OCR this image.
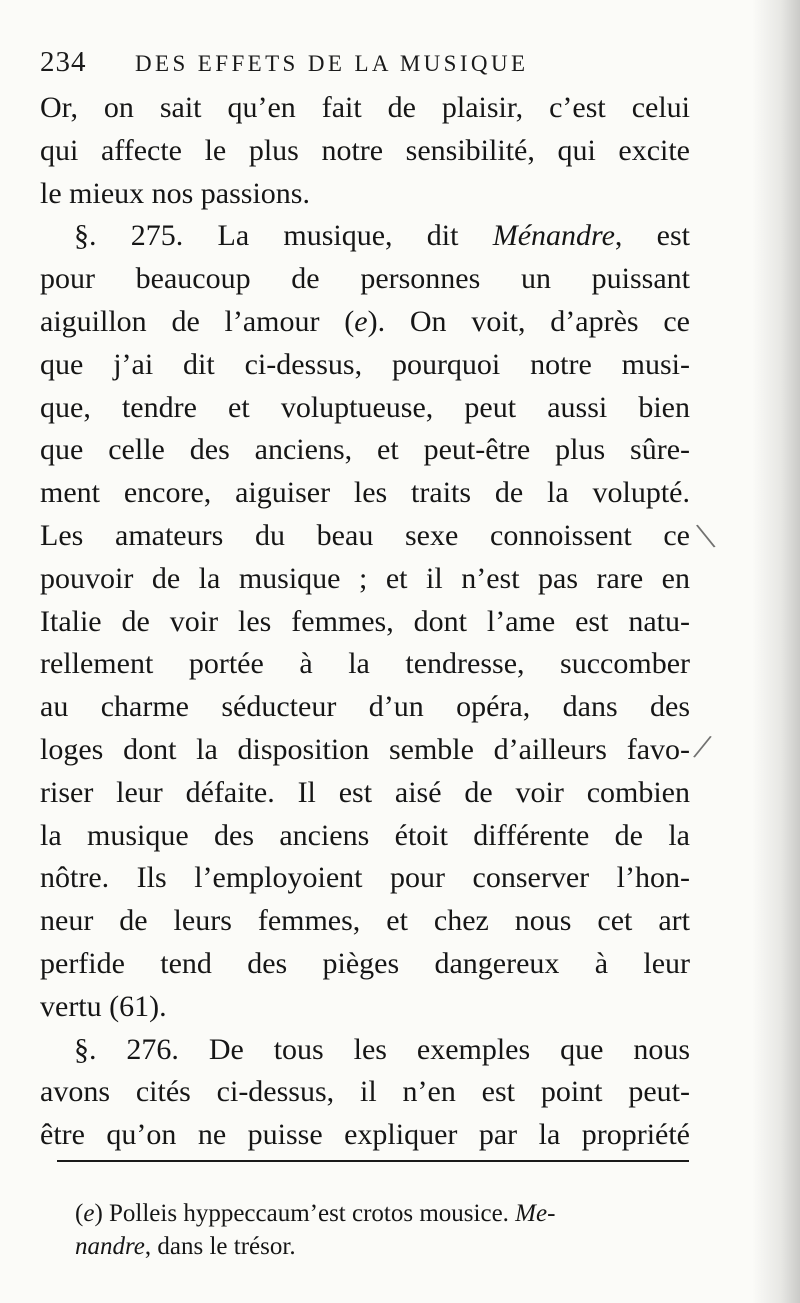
234 DES EFFETS DE LA MUSIQUE
Or, on sait qu’en fait de plaisir, c’est celui
qui affecte le plus notre sensibilité, qui excite
le mieux nos passions.
§. 275. La musique, dit Ménandre, est
pour beaucoup de personnes un puissant
aiguillon de l’amour (e). On voit, d’après ce
que j’ai dit ci-dessus, pourquoi notre musi-
que, tendre et voluptueuse, peut aussi bien
que celle des anciens, et peut-être plus sûre-
ment encore, aiguiser les traits de la volupté.
Les amateurs du beau sexe connoissent ce
pouvoir de la musique ; et il n’est pas rare en
Italie de voir les femmes, dont l’ame est natu-
rellement portée à la tendresse, succomber
au charme séducteur d’un opéra, dans des
loges dont la disposition semble d’ailleurs favo-
riser leur défaite. Il est aisé de voir combien
la musique des anciens étoit différente de la
nôtre. Ils l’employoient pour conserver l’hon-
neur de leurs femmes, et chez nous cet art
perfide tend des pièges dangereux à leur
vertu (61).
§. 276. De tous les exemples que nous
avons cités ci-dessus, il n’en est point peut-
être qu’on ne puisse expliquer par la propriété
(e) Polleis hyppeccaum’est crotos mousice. Me-
nandre, dans le trésor.
\
/
